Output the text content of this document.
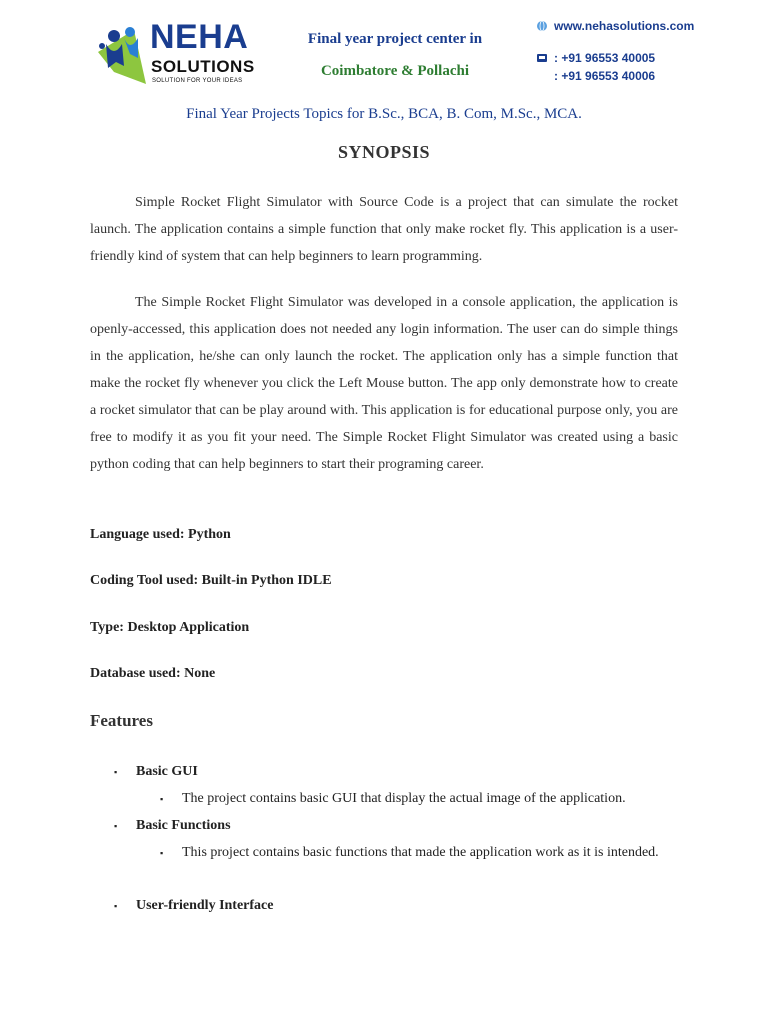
NEHA
SOLUTIONS
SOLUTION FOR YOUR IDEAS
Final year project center in
Coimbatore & Pollachi
www.nehasolutions.com
: +91 96553 40005
: +91 96553 40006
Final Year Projects Topics for B.Sc., BCA, B. Com, M.Sc., MCA.
SYNOPSIS
Simple Rocket Flight Simulator with Source Code is a project that can simulate the rocket launch. The application contains a simple function that only make rocket fly. This application is a user-friendly kind of system that can help beginners to learn programming.
The Simple Rocket Flight Simulator was developed in a console application, the application is openly-accessed, this application does not needed any login information. The user can do simple things in the application, he/she can only launch the rocket. The application only has a simple function that make the rocket fly whenever you click the Left Mouse button. The app only demonstrate how to create a rocket simulator that can be play around with. This application is for educational purpose only, you are free to modify it as you fit your need. The Simple Rocket Flight Simulator was created using a basic python coding that can help beginners to start their programing career.
Language used: Python
Coding Tool used: Built-in Python IDLE
Type: Desktop Application
Database used: None
Features
▪	Basic GUI
▪	The project contains basic GUI that display the actual image of the application.
▪	Basic Functions
▪	This project contains basic functions that made the application work as it is intended.
▪	User-friendly Interface
